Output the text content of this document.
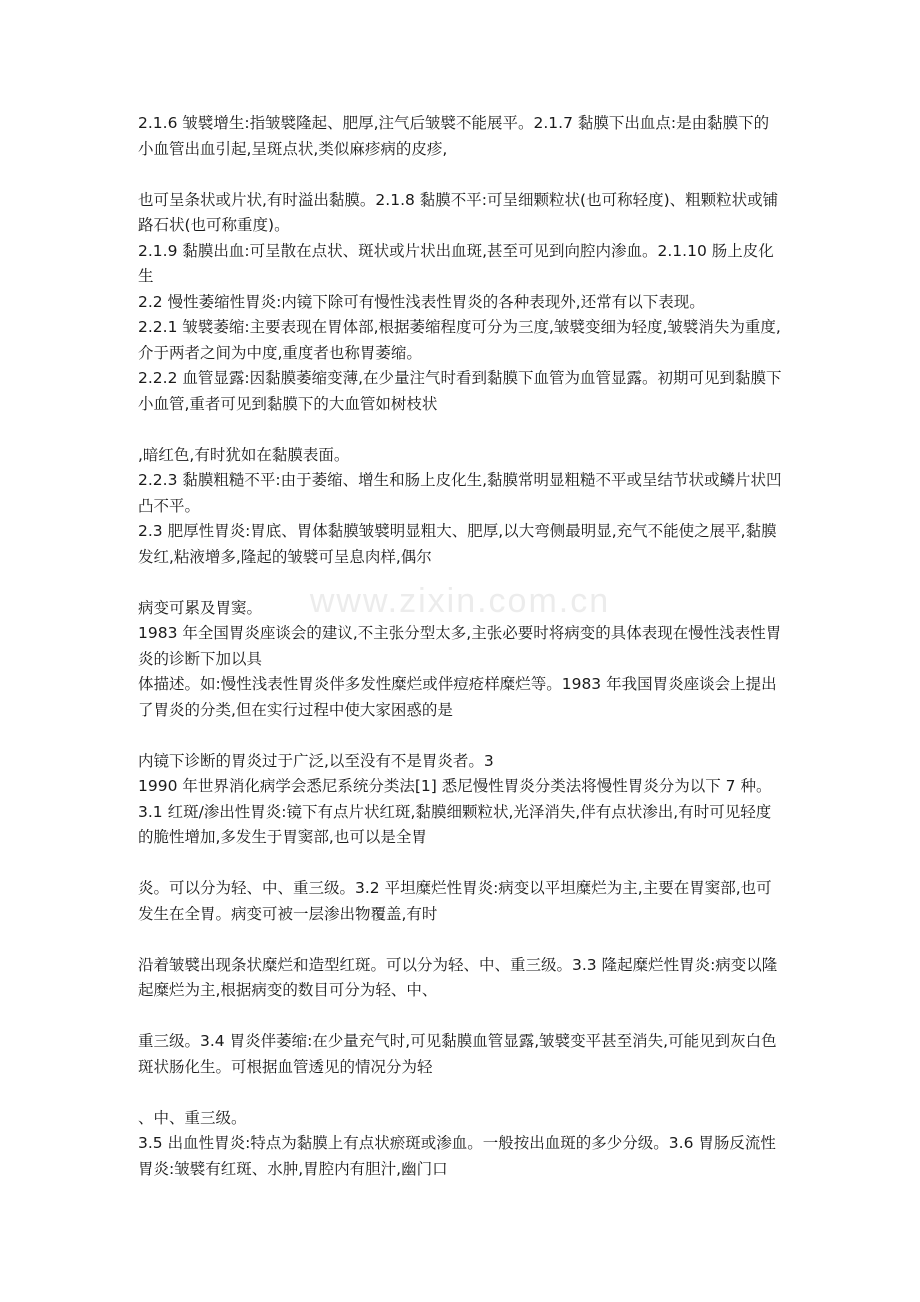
www.zixin.com.cn

2.1.6 皱襞增生:指皱襞隆起、肥厚,注气后皱襞不能展平。2.1.7 黏膜下出血点:是由黏膜下的小血管出血引起,呈斑点状,类似麻疹病的皮疹,

也可呈条状或片状,有时溢出黏膜。2.1.8 黏膜不平:可呈细颗粒状(也可称轻度)、粗颗粒状或铺路石状(也可称重度)。

2.1.9 黏膜出血:可呈散在点状、斑状或片状出血斑,甚至可见到向腔内渗血。2.1.10 肠上皮化生

2.2 慢性萎缩性胃炎:内镜下除可有慢性浅表性胃炎的各种表现外,还常有以下表现。

2.2.1 皱襞萎缩:主要表现在胃体部,根据萎缩程度可分为三度,皱襞变细为轻度,皱襞消失为重度,介于两者之间为中度,重度者也称胃萎缩。

2.2.2 血管显露:因黏膜萎缩变薄,在少量注气时看到黏膜下血管为血管显露。初期可见到黏膜下小血管,重者可见到黏膜下的大血管如树枝状

,暗红色,有时犹如在黏膜表面。

2.2.3 黏膜粗糙不平:由于萎缩、增生和肠上皮化生,黏膜常明显粗糙不平或呈结节状或鳞片状凹凸不平。

2.3 肥厚性胃炎:胃底、胃体黏膜皱襞明显粗大、肥厚,以大弯侧最明显,充气不能使之展平,黏膜发红,粘液增多,隆起的皱襞可呈息肉样,偶尔

病变可累及胃窦。

1983 年全国胃炎座谈会的建议,不主张分型太多,主张必要时将病变的具体表现在慢性浅表性胃炎的诊断下加以具

体描述。如:慢性浅表性胃炎伴多发性糜烂或伴痘疮样糜烂等。1983 年我国胃炎座谈会上提出了胃炎的分类,但在实行过程中使大家困惑的是

内镜下诊断的胃炎过于广泛,以至没有不是胃炎者。3

1990 年世界消化病学会悉尼系统分类法[1] 悉尼慢性胃炎分类法将慢性胃炎分为以下 7 种。

3.1 红斑/渗出性胃炎:镜下有点片状红斑,黏膜细颗粒状,光泽消失,伴有点状渗出,有时可见轻度的脆性增加,多发生于胃窦部,也可以是全胃

炎。可以分为轻、中、重三级。3.2 平坦糜烂性胃炎:病变以平坦糜烂为主,主要在胃窦部,也可发生在全胃。病变可被一层渗出物覆盖,有时

沿着皱襞出现条状糜烂和造型红斑。可以分为轻、中、重三级。3.3 隆起糜烂性胃炎:病变以隆起糜烂为主,根据病变的数目可分为轻、中、

重三级。3.4 胃炎伴萎缩:在少量充气时,可见黏膜血管显露,皱襞变平甚至消失,可能见到灰白色斑状肠化生。可根据血管透见的情况分为轻

、中、重三级。

3.5 出血性胃炎:特点为黏膜上有点状瘀斑或渗血。一般按出血斑的多少分级。3.6 胃肠反流性胃炎:皱襞有红斑、水肿,胃腔内有胆汁,幽门口
